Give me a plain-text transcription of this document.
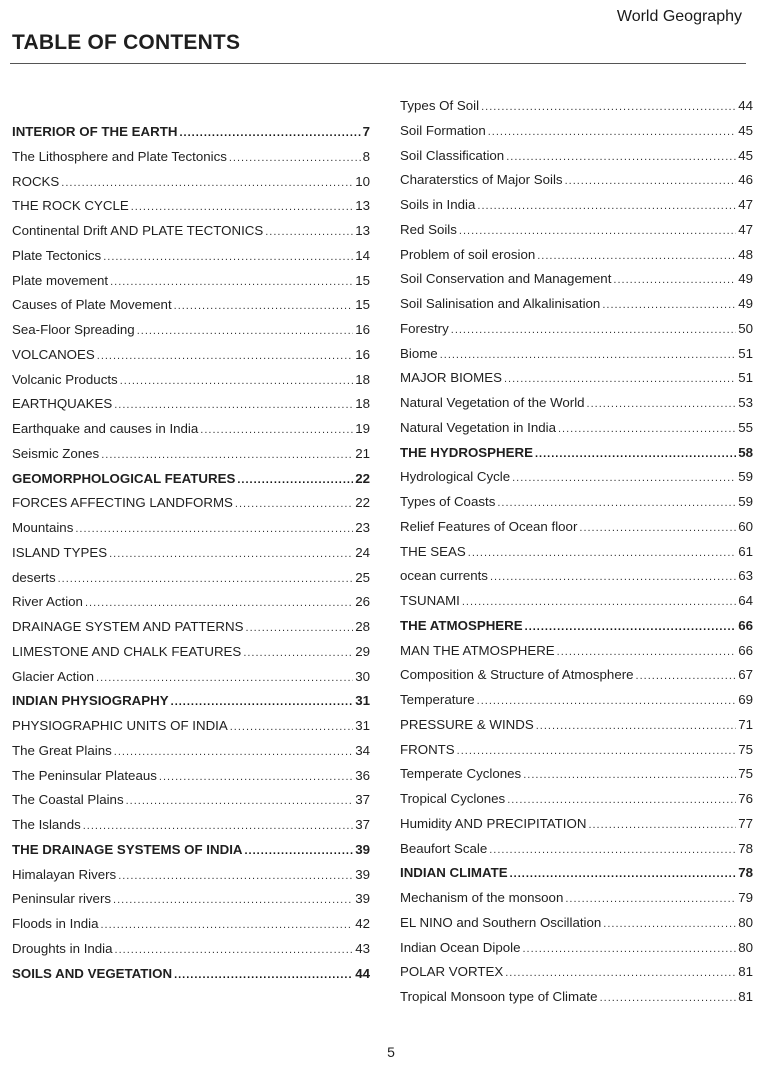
World Geography
TABLE OF CONTENTS
INTERIOR OF THE EARTH .....	7
The Lithosphere and Plate Tectonics .....	8
ROCKS .....	10
THE ROCK CYCLE .....	13
Continental Drift AND PLATE TECTONICS .....	13
Plate Tectonics .....	14
Plate movement .....	15
Causes of Plate Movement .....	15
Sea-Floor Spreading .....	16
VOLCANOES .....	16
Volcanic Products .....	18
EARTHQUAKES .....	18
Earthquake and causes in India .....	19
Seismic Zones .....	21
GEOMORPHOLOGICAL FEATURES .....	22
FORCES AFFECTING LANDFORMS .....	22
Mountains .....	23
ISLAND TYPES .....	24
deserts .....	25
River Action .....	26
DRAINAGE SYSTEM AND PATTERNS .....	28
LIMESTONE AND CHALK FEATURES .....	29
Glacier Action .....	30
INDIAN PHYSIOGRAPHY .....	31
PHYSIOGRAPHIC UNITS OF INDIA .....	31
The Great Plains .....	34
The Peninsular Plateaus .....	36
The Coastal Plains .....	37
The Islands .....	37
THE DRAINAGE SYSTEMS OF INDIA .....	39
Himalayan Rivers .....	39
Peninsular rivers .....	39
Floods in India .....	42
Droughts in India .....	43
SOILS AND VEGETATION .....	44
Types Of Soil .....	44
Soil Formation .....	45
Soil Classification .....	45
Charaterstics of Major Soils .....	46
Soils in India .....	47
Red Soils .....	47
Problem of soil erosion .....	48
Soil Conservation and Management .....	49
Soil Salinisation and Alkalinisation .....	49
Forestry .....	50
Biome .....	51
MAJOR BIOMES .....	51
Natural Vegetation of the World .....	53
Natural Vegetation in India .....	55
THE HYDROSPHERE .....	58
Hydrological Cycle .....	59
Types of Coasts .....	59
Relief Features of Ocean floor .....	60
THE SEAS .....	61
ocean currents .....	63
TSUNAMI .....	64
THE ATMOSPHERE .....	66
MAN THE ATMOSPHERE .....	66
Composition & Structure of Atmosphere .....	67
Temperature .....	69
PRESSURE & WINDS .....	71
FRONTS .....	75
Temperate Cyclones .....	75
Tropical Cyclones .....	76
Humidity AND PRECIPITATION .....	77
Beaufort Scale .....	78
INDIAN CLIMATE .....	78
Mechanism of the monsoon .....	79
EL NINO and Southern Oscillation .....	80
Indian Ocean Dipole .....	80
POLAR VORTEX .....	81
Tropical Monsoon type of Climate .....	81
5
